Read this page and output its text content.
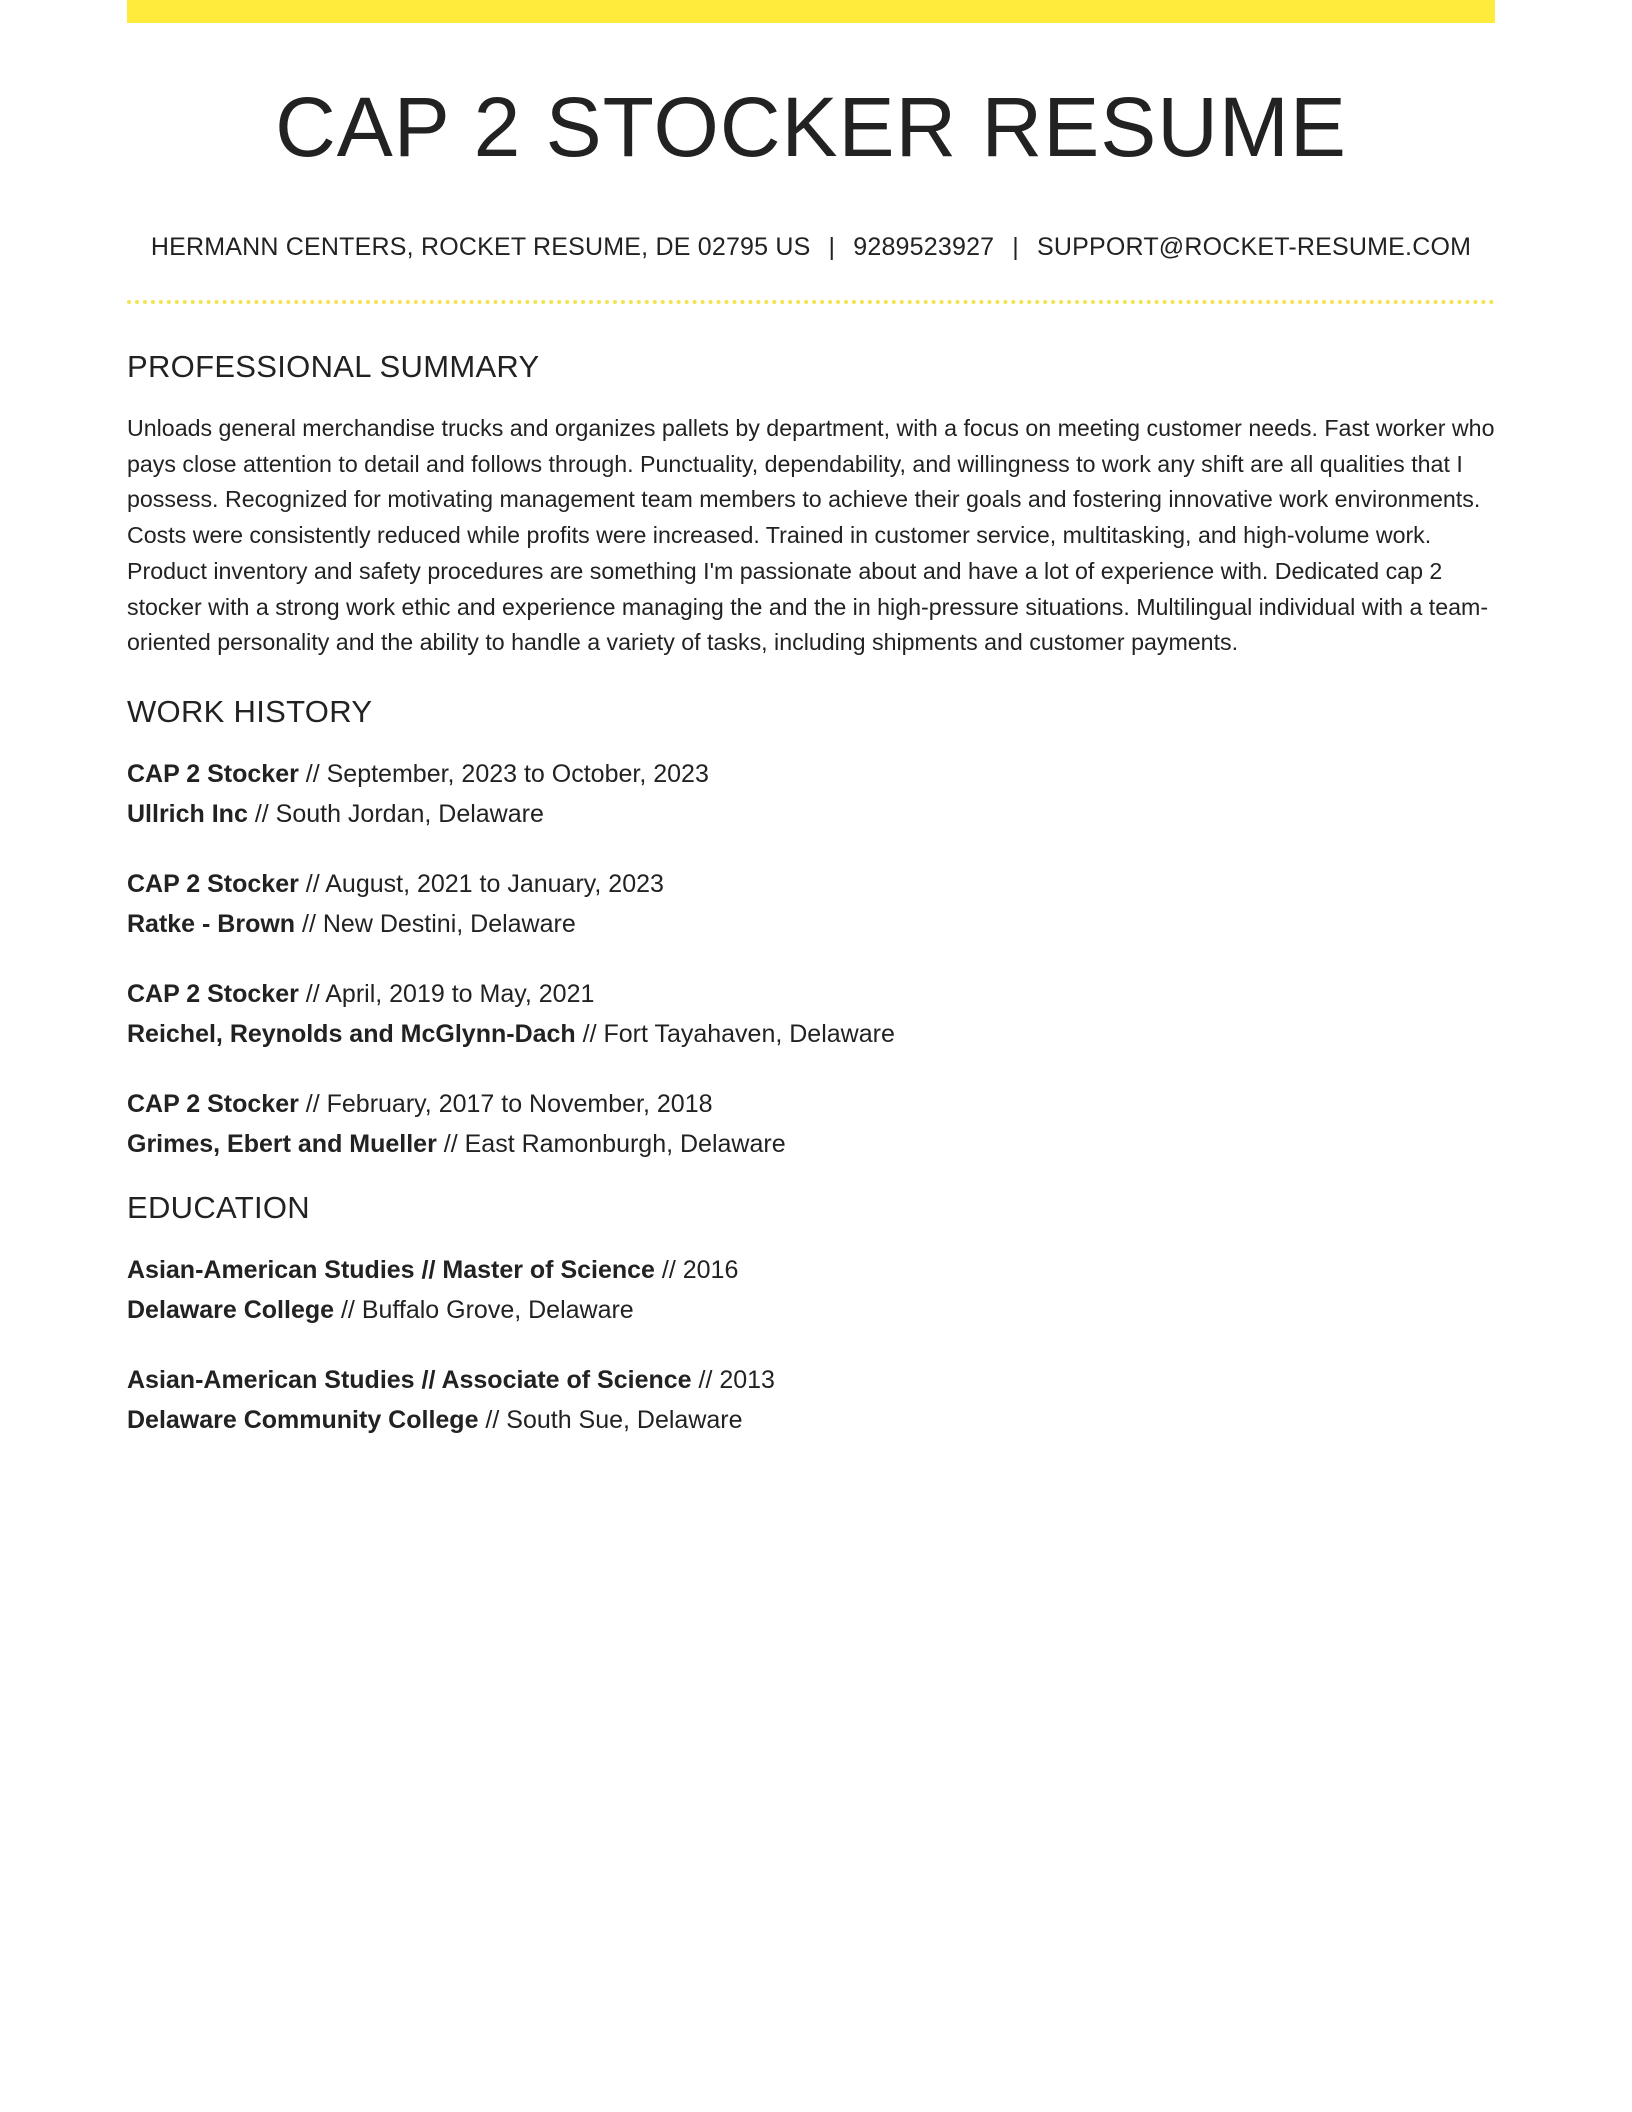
CAP 2 STOCKER RESUME
HERMANN CENTERS, ROCKET RESUME, DE 02795 US | 9289523927 | SUPPORT@ROCKET-RESUME.COM
PROFESSIONAL SUMMARY

Unloads general merchandise trucks and organizes pallets by department, with a focus on meeting customer needs. Fast worker who pays close attention to detail and follows through. Punctuality, dependability, and willingness to work any shift are all qualities that I possess. Recognized for motivating management team members to achieve their goals and fostering innovative work environments. Costs were consistently reduced while profits were increased. Trained in customer service, multitasking, and high-volume work. Product inventory and safety procedures are something I'm passionate about and have a lot of experience with. Dedicated cap 2 stocker with a strong work ethic and experience managing the and the in high-pressure situations. Multilingual individual with a team-oriented personality and the ability to handle a variety of tasks, including shipments and customer payments.

WORK HISTORY
CAP 2 Stocker // September, 2023 to October, 2023
Ullrich Inc // South Jordan, Delaware
CAP 2 Stocker // August, 2021 to January, 2023
Ratke - Brown // New Destini, Delaware
CAP 2 Stocker // April, 2019 to May, 2021
Reichel, Reynolds and McGlynn-Dach // Fort Tayahaven, Delaware
CAP 2 Stocker // February, 2017 to November, 2018
Grimes, Ebert and Mueller // East Ramonburgh, Delaware
EDUCATION
Asian-American Studies // Master of Science // 2016
Delaware College // Buffalo Grove, Delaware
Asian-American Studies // Associate of Science // 2013
Delaware Community College // South Sue, Delaware
